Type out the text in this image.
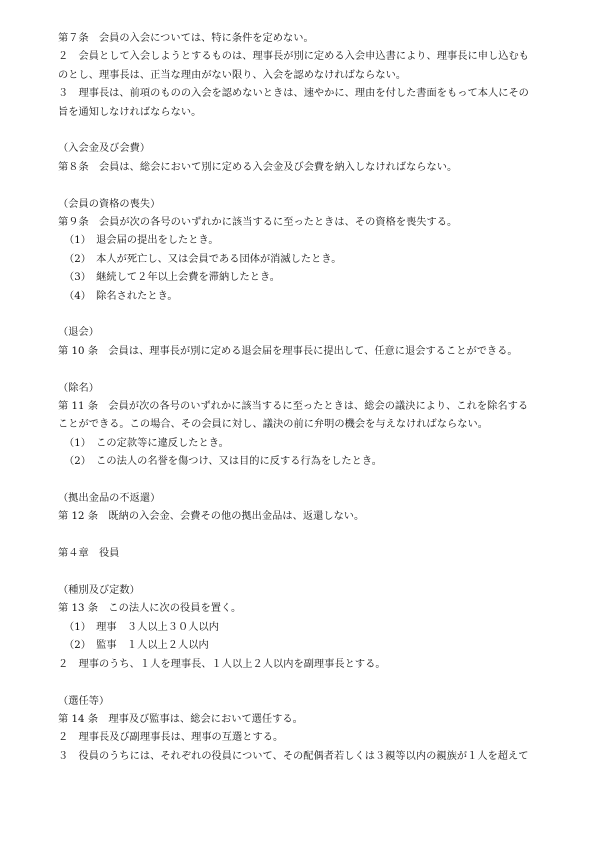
第７条　会員の入会については、特に条件を定めない。
２　会員として入会しようとするものは、理事長が別に定める入会申込書により、理事長に申し込むも
のとし、理事長は、正当な理由がない限り、入会を認めなければならない。
３　理事長は、前項のものの入会を認めないときは、速やかに、理由を付した書面をもって本人にその
旨を通知しなければならない。
（入会金及び会費）
第８条　会員は、総会において別に定める入会金及び会費を納入しなければならない。
（会員の資格の喪失）
第９条　会員が次の各号のいずれかに該当するに至ったときは、その資格を喪失する。
（1）　退会届の提出をしたとき。
（2）　本人が死亡し、又は会員である団体が消滅したとき。
（3）　継続して２年以上会費を滞納したとき。
（4）　除名されたとき。
（退会）
第 10 条　会員は、理事長が別に定める退会届を理事長に提出して、任意に退会することができる。
（除名）
第 11 条　会員が次の各号のいずれかに該当するに至ったときは、総会の議決により、これを除名する
ことができる。この場合、その会員に対し、議決の前に弁明の機会を与えなければならない。
（1）　この定款等に違反したとき。
（2）　この法人の名誉を傷つけ、又は目的に反する行為をしたとき。
（拠出金品の不返還）
第 12 条　既納の入会金、会費その他の拠出金品は、返還しない。
第４章　役員
（種別及び定数）
第 13 条　この法人に次の役員を置く。
（1）　理事　３人以上３０人以内
（2）　監事　１人以上２人以内
２　理事のうち、１人を理事長、１人以上２人以内を副理事長とする。
（選任等）
第 14 条　理事及び監事は、総会において選任する。
２　理事長及び副理事長は、理事の互選とする。
３　役員のうちには、それぞれの役員について、その配偶者若しくは３親等以内の親族が１人を超えて
